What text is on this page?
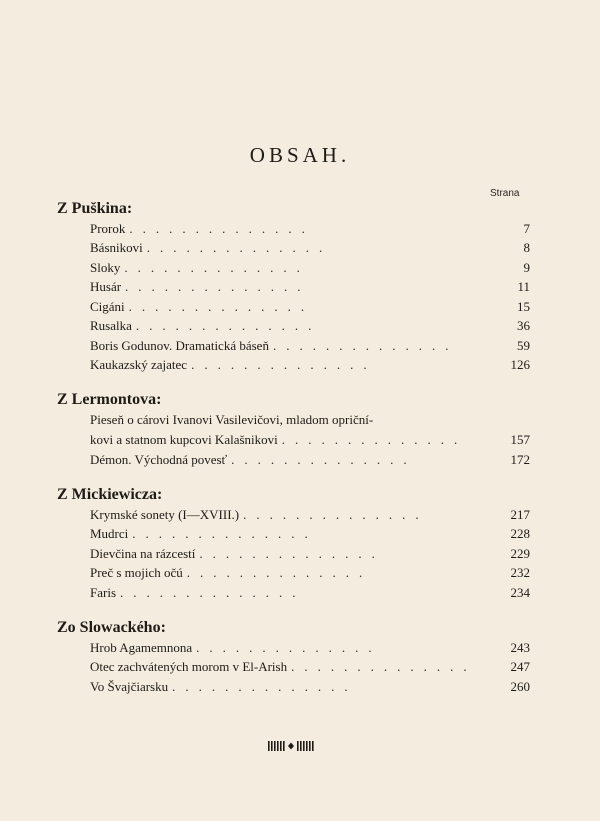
OBSAH.
Strana
Z Puškina:
Prorok ..............	7
Básnikovi ..............	8
Sloky ..............	9
Husár ..............	11
Cigáni ..............	15
Rusalka ..............	36
Boris Godunov. Dramatická báseň ..............	59
Kaukazský zajatec ..............	126
Z Lermontova:
Pieseň o cárovi Ivanovi Vasilevičovi, mladom opriční-
kovi a statnom kupcovi Kalašnikovi ..............	157
Démon. Východná povesť ..............	172
Z Mickiewicza:
Krymské sonety (I—XVIII.) ..............	217
Mudrci ..............	228
Dievčina na rázcestí ..............	229
Preč s mojich očú ..............	232
Faris ..............	234
Zo Slowackého:
Hrob Agamemnona ..............	243
Otec zachvátených morom v El-Arish ..............	247
Vo Švajčiarsku ..............	260
